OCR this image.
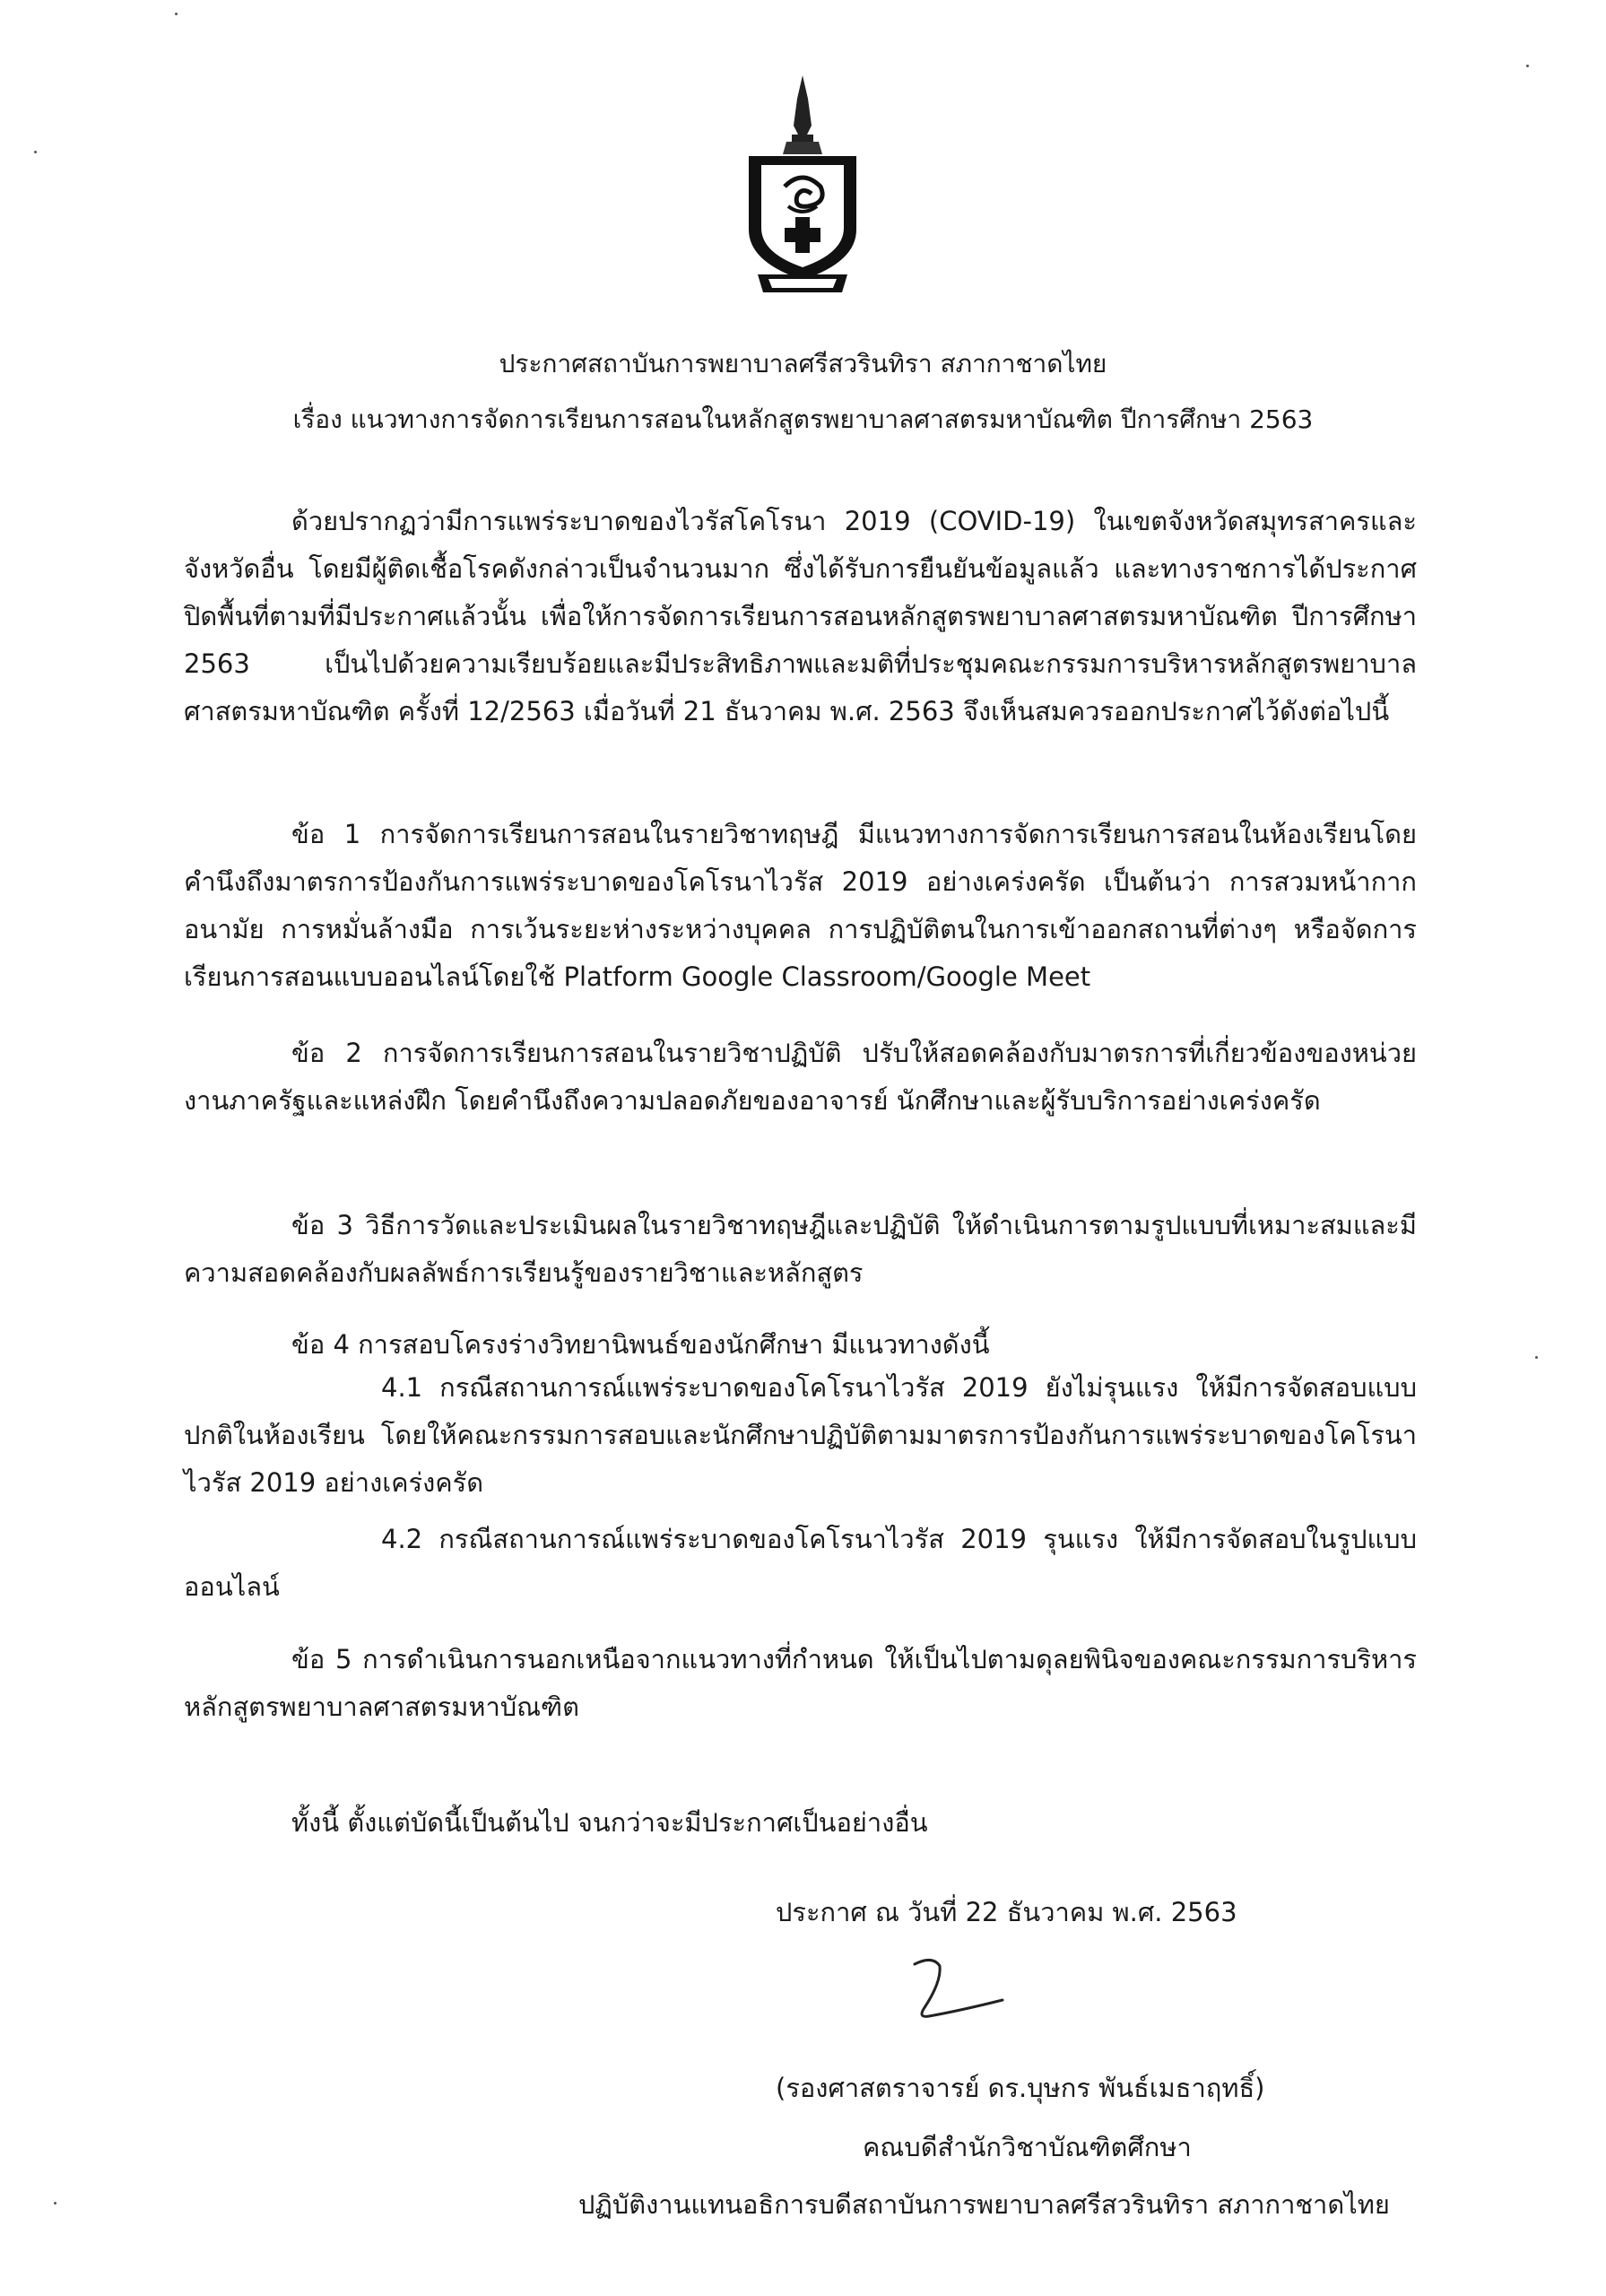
ประกาศสถาบันการพยาบาลศรีสวรินทิรา สภากาชาดไทย
เรื่อง แนวทางการจัดการเรียนการสอนในหลักสูตรพยาบาลศาสตรมหาบัณฑิต ปีการศึกษา 2563

ด้วยปรากฏว่ามีการแพร่ระบาดของไวรัสโคโรนา 2019 (COVID-19) ในเขตจังหวัดสมุทรสาครและจังหวัดอื่น โดยมีผู้ติดเชื้อโรคดังกล่าวเป็นจำนวนมาก ซึ่งได้รับการยืนยันข้อมูลแล้ว และทางราชการได้ประกาศปิดพื้นที่ตามที่มีประกาศแล้วนั้น เพื่อให้การจัดการเรียนการสอนหลักสูตรพยาบาลศาสตรมหาบัณฑิต ปีการศึกษา 2563 เป็นไปด้วยความเรียบร้อยและมีประสิทธิภาพและมติที่ประชุมคณะกรรมการบริหารหลักสูตรพยาบาลศาสตรมหาบัณฑิต ครั้งที่ 12/2563 เมื่อวันที่ 21 ธันวาคม พ.ศ. 2563 จึงเห็นสมควรออกประกาศไว้ดังต่อไปนี้

ข้อ 1 การจัดการเรียนการสอนในรายวิชาทฤษฎี มีแนวทางการจัดการเรียนการสอนในห้องเรียนโดยคำนึงถึงมาตรการป้องกันการแพร่ระบาดของโคโรนาไวรัส 2019 อย่างเคร่งครัด เป็นต้นว่า การสวมหน้ากากอนามัย การหมั่นล้างมือ การเว้นระยะห่างระหว่างบุคคล การปฏิบัติตนในการเข้าออกสถานที่ต่างๆ หรือจัดการเรียนการสอนแบบออนไลน์โดยใช้ Platform Google Classroom/Google Meet

ข้อ 2 การจัดการเรียนการสอนในรายวิชาปฏิบัติ ปรับให้สอดคล้องกับมาตรการที่เกี่ยวข้องของหน่วยงานภาครัฐและแหล่งฝึก โดยคำนึงถึงความปลอดภัยของอาจารย์ นักศึกษาและผู้รับบริการอย่างเคร่งครัด

ข้อ 3 วิธีการวัดและประเมินผลในรายวิชาทฤษฎีและปฏิบัติ ให้ดำเนินการตามรูปแบบที่เหมาะสมและมีความสอดคล้องกับผลลัพธ์การเรียนรู้ของรายวิชาและหลักสูตร

ข้อ 4 การสอบโครงร่างวิทยานิพนธ์ของนักศึกษา มีแนวทางดังนี้

4.1 กรณีสถานการณ์แพร่ระบาดของโคโรนาไวรัส 2019 ยังไม่รุนแรง ให้มีการจัดสอบแบบปกติในห้องเรียน โดยให้คณะกรรมการสอบและนักศึกษาปฏิบัติตามมาตรการป้องกันการแพร่ระบาดของโคโรนาไวรัส 2019 อย่างเคร่งครัด

4.2 กรณีสถานการณ์แพร่ระบาดของโคโรนาไวรัส 2019 รุนแรง ให้มีการจัดสอบในรูปแบบออนไลน์

ข้อ 5 การดำเนินการนอกเหนือจากแนวทางที่กำหนด ให้เป็นไปตามดุลยพินิจของคณะกรรมการบริหารหลักสูตรพยาบาลศาสตรมหาบัณฑิต

ทั้งนี้ ตั้งแต่บัดนี้เป็นต้นไป จนกว่าจะมีประกาศเป็นอย่างอื่น

ประกาศ ณ วันที่ 22 ธันวาคม พ.ศ. 2563
(รองศาสตราจารย์ ดร.บุษกร พันธ์เมธาฤทธิ์)
คณบดีสำนักวิชาบัณฑิตศึกษา
ปฏิบัติงานแทนอธิการบดีสถาบันการพยาบาลศรีสวรินทิรา สภากาชาดไทย
